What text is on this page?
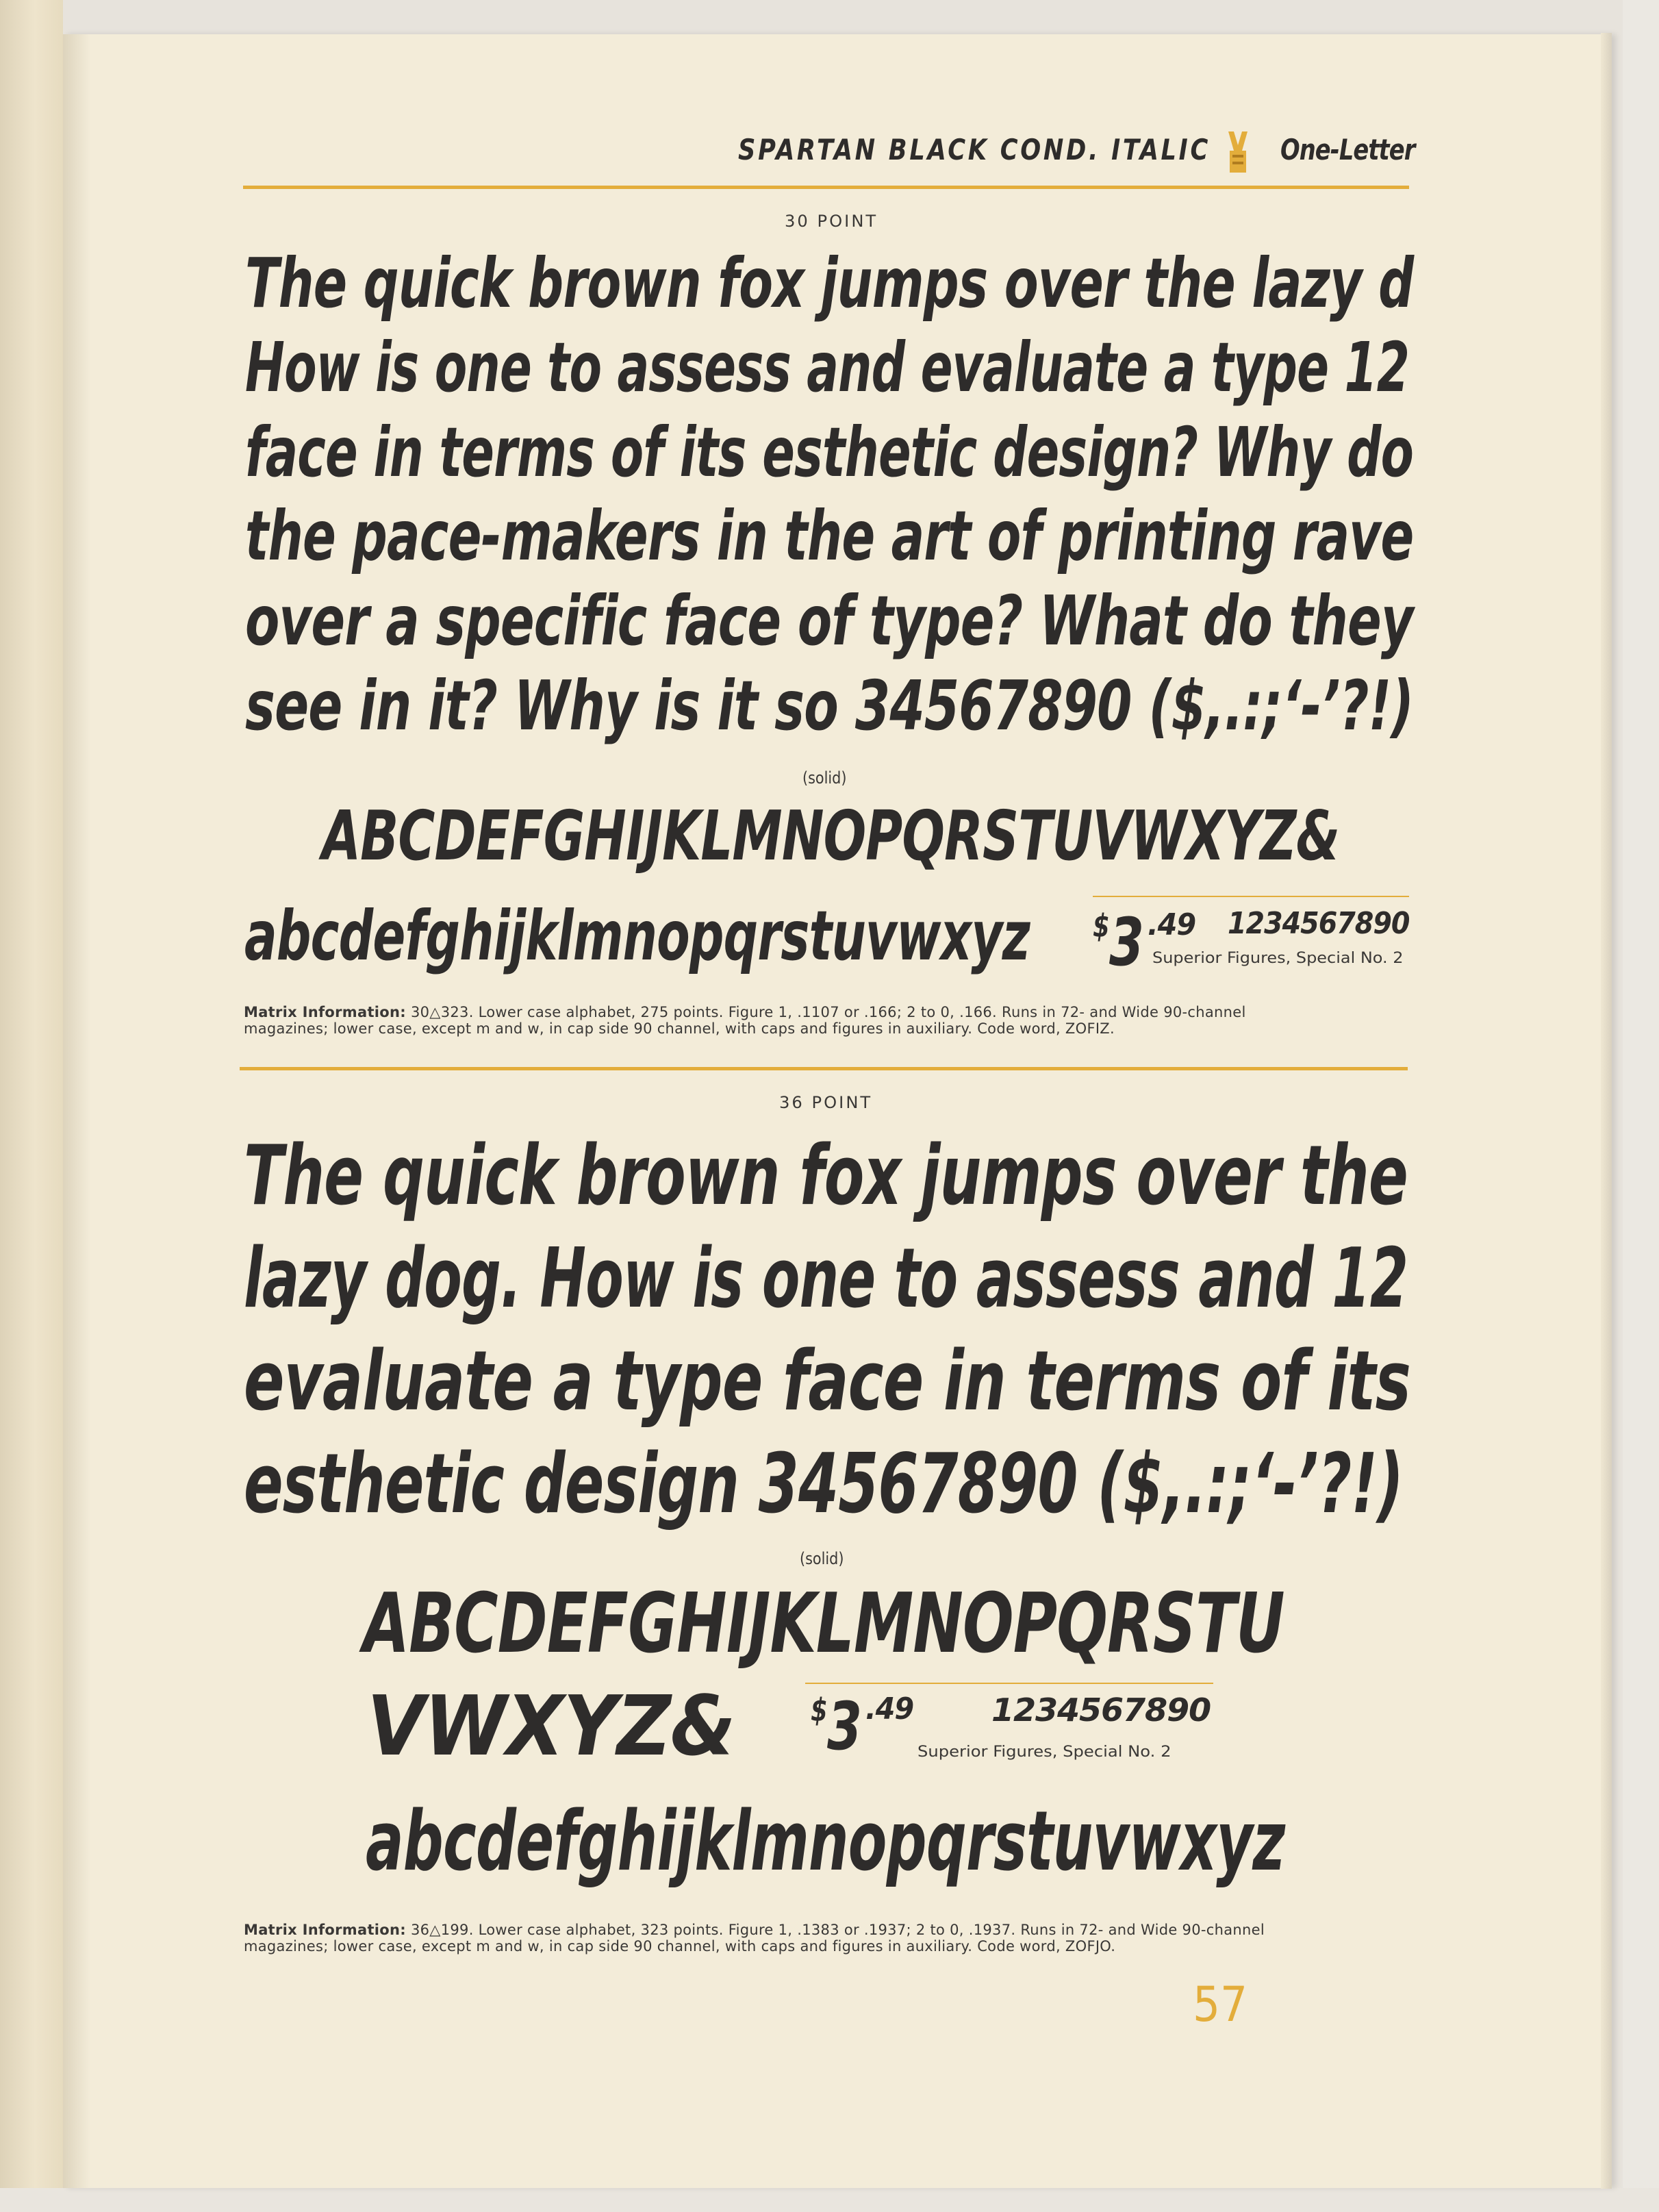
SPARTAN BLACK COND. ITALIC One-Letter
30 POINT
The quick brown fox jumps over the lazy d
How is one to assess and evaluate a type 12
face in terms of its esthetic design? Why do
the pace-makers in the art of printing rave
over a specific face of type? What do they
see in it? Why is it so 34567890 ($,.:;‘-’?!)
(solid)
ABCDEFGHIJKLMNOPQRSTUVWXYZ&
abcdefghijklmnopqrstuvwxyz $ 3 .49 1234567890
Superior Figures, Special No. 2
Matrix Information: 30△323. Lower case alphabet, 275 points. Figure 1, .1107 or .166; 2 to 0, .166. Runs in 72- and Wide 90-channel
magazines; lower case, except m and w, in cap side 90 channel, with caps and figures in auxiliary. Code word, ZOFIZ.
36 POINT
The quick brown fox jumps over the
lazy dog. How is one to assess and 12
evaluate a type face in terms of its
esthetic design 34567890 ($,.:;‘-’?!)
(solid)
ABCDEFGHIJKLMNOPQRSTU
VWXYZ& $ 3 .49 1234567890
Superior Figures, Special No. 2
abcdefghijklmnopqrstuvwxyz
Matrix Information: 36△199. Lower case alphabet, 323 points. Figure 1, .1383 or .1937; 2 to 0, .1937. Runs in 72- and Wide 90-channel
magazines; lower case, except m and w, in cap side 90 channel, with caps and figures in auxiliary. Code word, ZOFJO.
57
